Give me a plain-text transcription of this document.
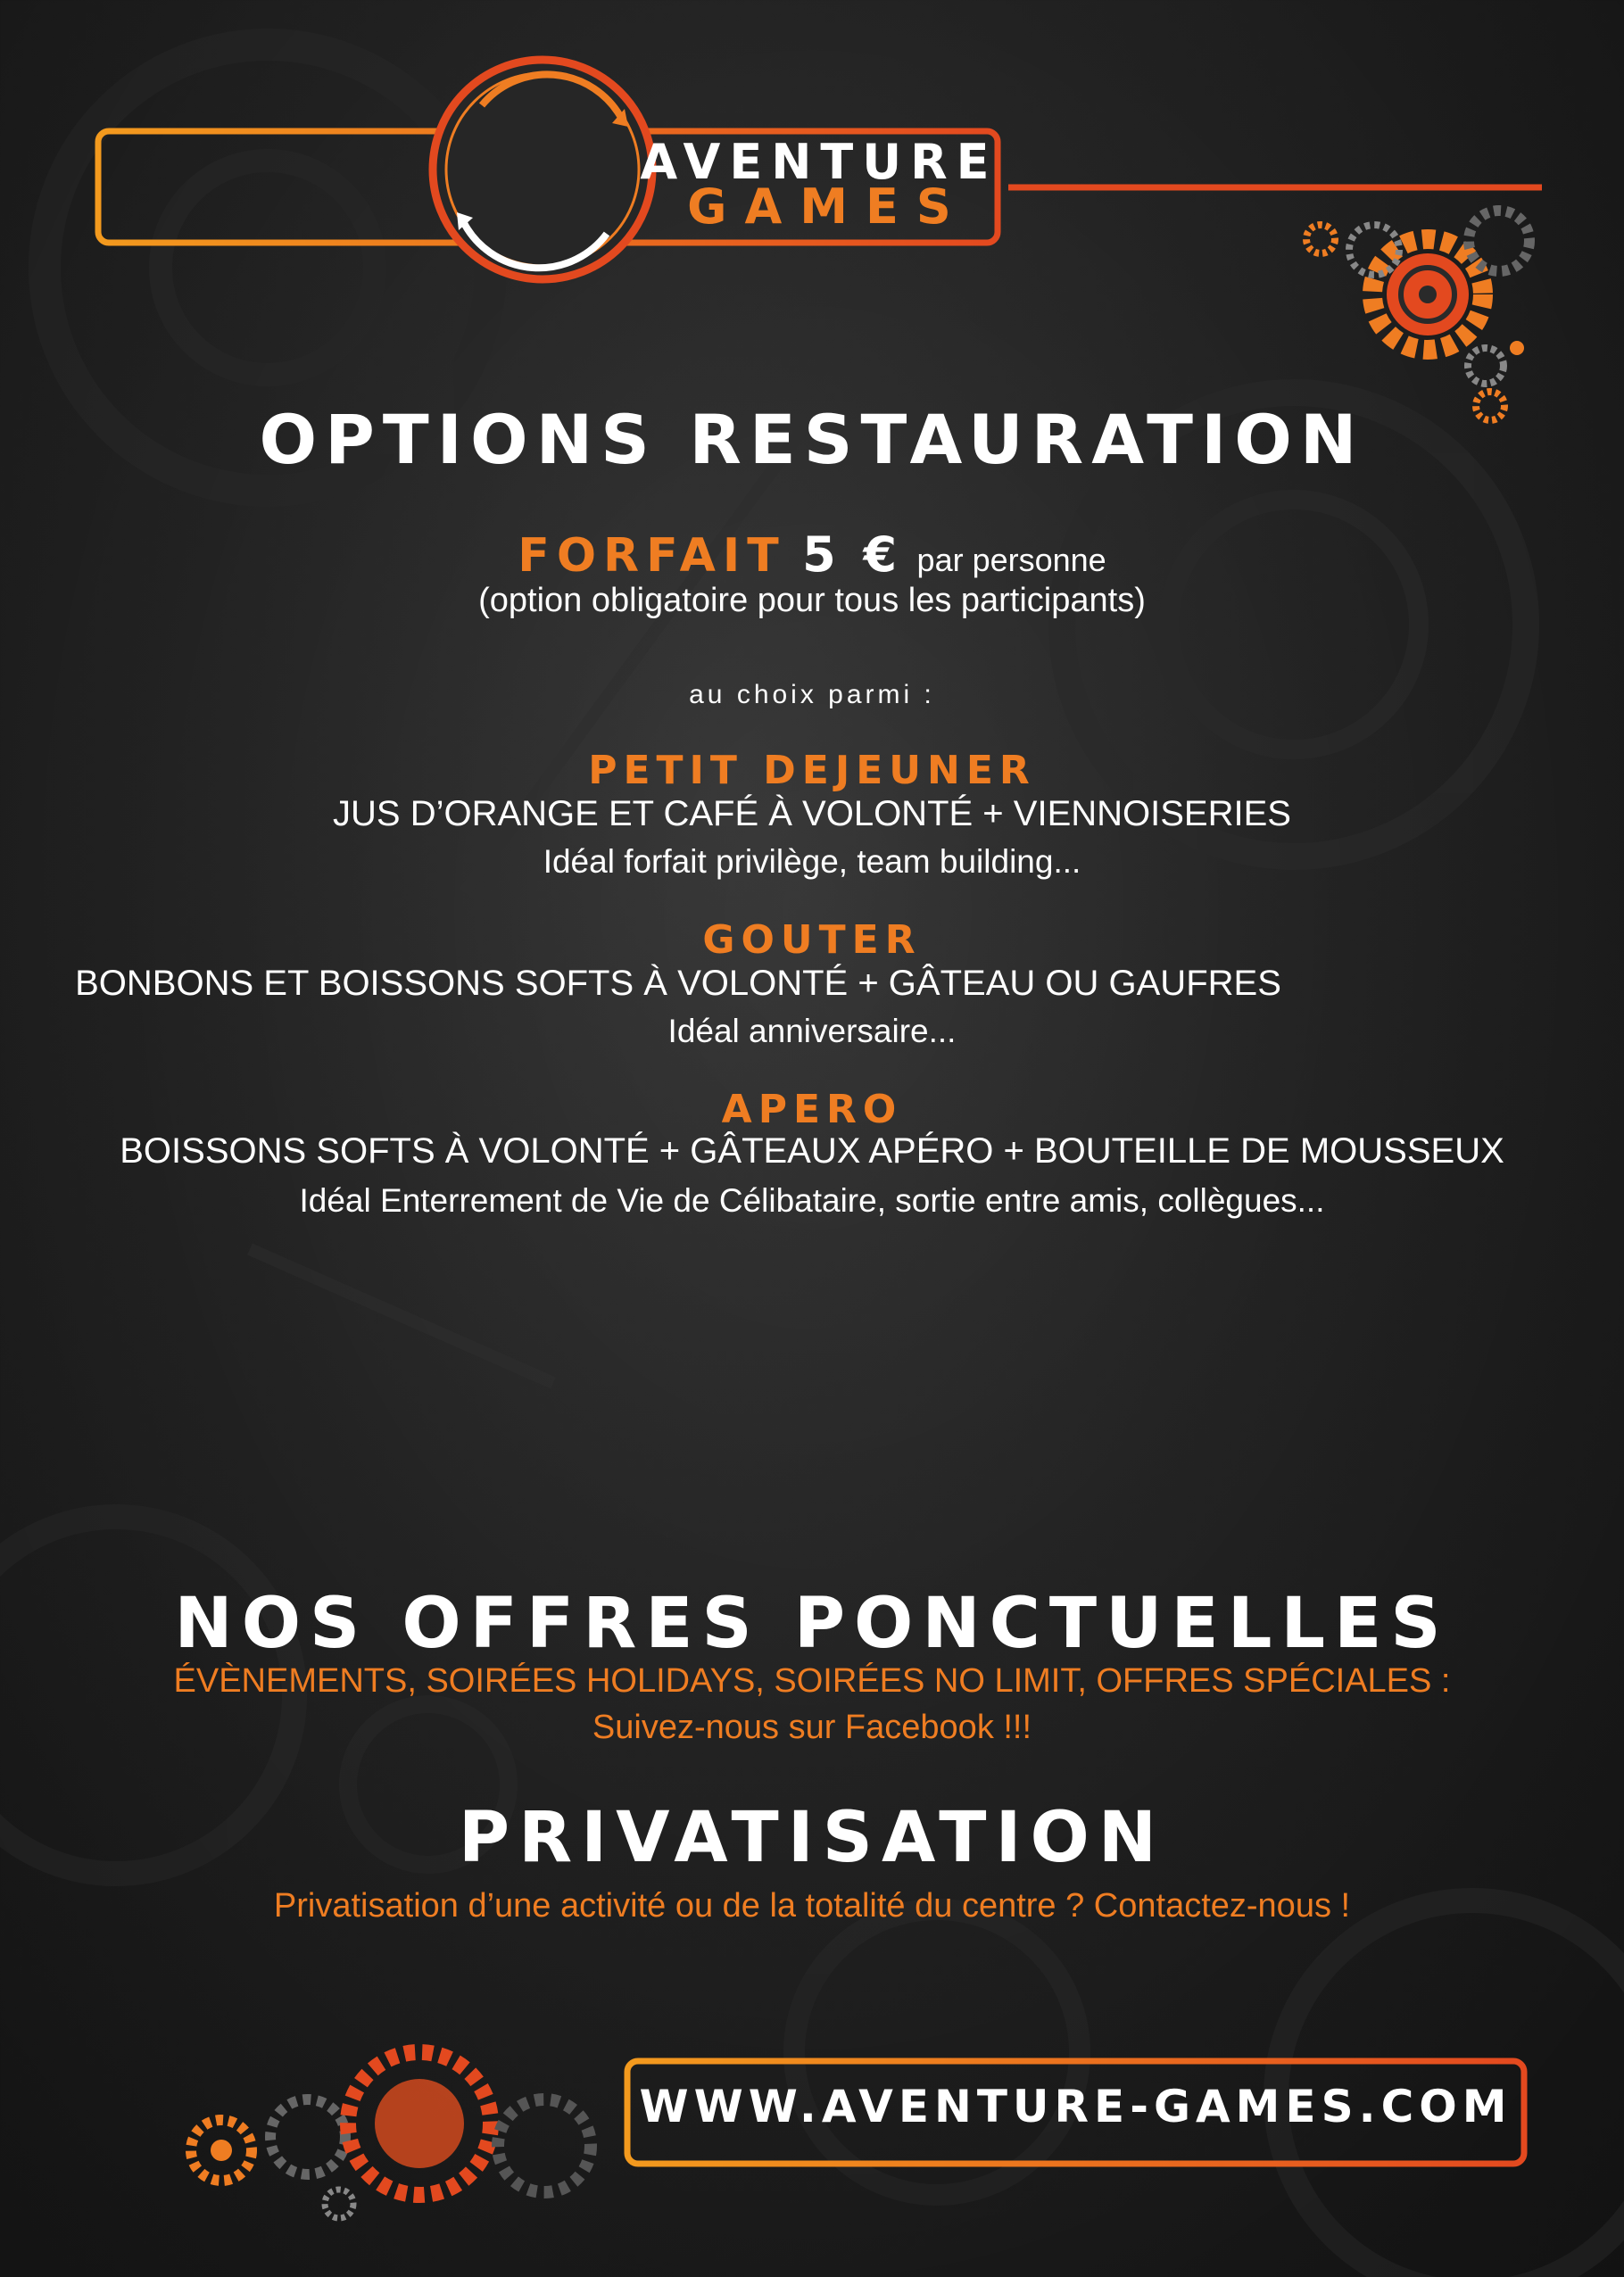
AVENTURE
GAMES
OPTIONS RESTAURATION
FORFAIT 5 € par personne
(option obligatoire pour tous les participants)
au choix parmi :
PETIT DEJEUNER
JUS D’ORANGE ET CAFÉ À VOLONTÉ + VIENNOISERIES
Idéal forfait privilège, team building...
GOUTER
BONBONS ET BOISSONS SOFTS À VOLONTÉ + GÂTEAU OU GAUFRES
Idéal anniversaire...
APERO
BOISSONS SOFTS À VOLONTÉ + GÂTEAUX APÉRO + BOUTEILLE DE MOUSSEUX
Idéal Enterrement de Vie de Célibataire, sortie entre amis, collègues...
NOS OFFRES PONCTUELLES
ÉVÈNEMENTS, SOIRÉES HOLIDAYS, SOIRÉES NO LIMIT, OFFRES SPÉCIALES :
Suivez-nous sur Facebook !!!
PRIVATISATION
Privatisation d’une activité ou de la totalité du centre ? Contactez-nous !
WWW.AVENTURE-GAMES.COM
